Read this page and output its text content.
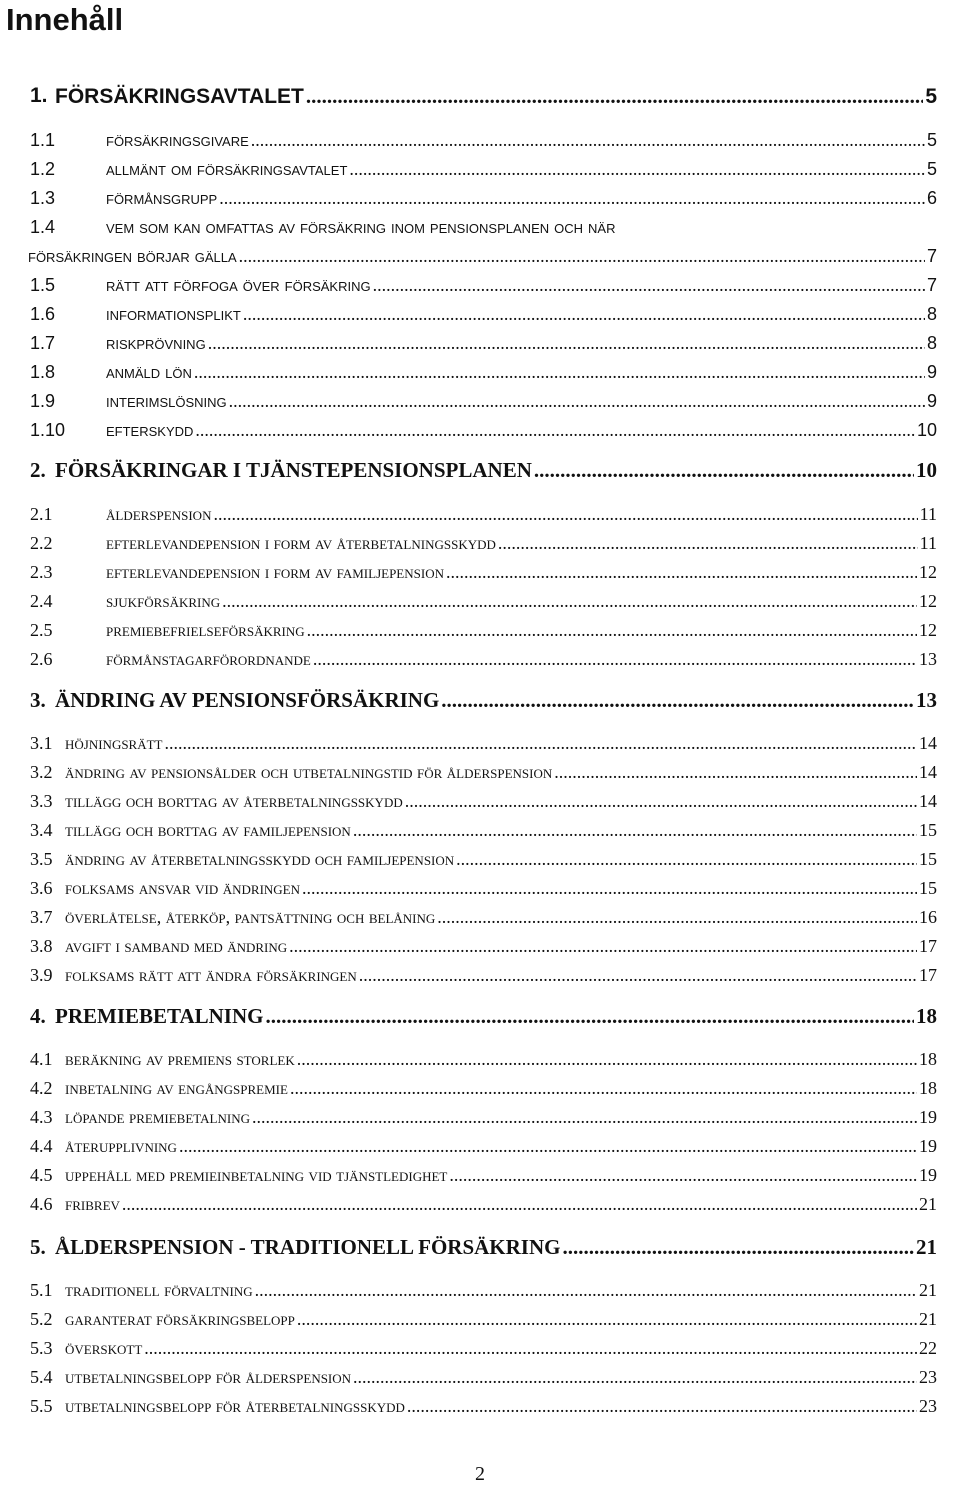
Innehåll
1. FÖRSÄKRINGSAVTALET .....	5
1.1	försäkringsgivare .....	5
1.2	allmänt om försäkringsavtalet .....	5
1.3	förmånsgrupp .....	6
1.4	vem som kan omfattas av försäkring inom pensionsplanen och när
försäkringen börjar gälla .....	7
1.5	rätt att förfoga över försäkring .....	7
1.6	informationsplikt .....	8
1.7	riskprövning .....	8
1.8	anmäld lön .....	9
1.9	interimslösning .....	9
1.10 efterskydd .....	10
2. FÖRSÄKRINGAR I TJÄNSTEPENSIONSPLANEN .....	10
2.1	ålderspension .....	11
2.2	efterlevandepension i form av återbetalningsskydd .....	11
2.3	efterlevandepension i form av familjepension .....	12
2.4	sjukförsäkring .....	12
2.5	premiebefrielseförsäkring .....	12
2.6	förmånstagarförordnande .....	13
3. ÄNDRING AV PENSIONSFÖRSÄKRING .....	13
3.1 höjningsrätt .....	14
3.2 ändring av pensionsålder och utbetalningstid för ålderspension .....	14
3.3 tillägg och borttag av återbetalningsskydd .....	14
3.4 tillägg och borttag av familjepension .....	15
3.5 ändring av återbetalningsskydd och familjepension .....	15
3.6 folksams ansvar vid ändringen .....	15
3.7 överlåtelse, återköp, pantsättning och belåning .....	16
3.8 avgift i samband med ändring .....	17
3.9 folksams rätt att ändra försäkringen .....	17
4. PREMIEBETALNING .....	18
4.1 beräkning av premiens storlek .....	18
4.2 inbetalning av engångspremie .....	18
4.3 löpande premiebetalning .....	19
4.4 återupplivning .....	19
4.5 uppehåll med premieinbetalning vid tjänstledighet .....	19
4.6 fribrev .....	21
5. ÅLDERSPENSION - TRADITIONELL FÖRSÄKRING .....	21
5.1 traditionell förvaltning .....	21
5.2 garanterat försäkringsbelopp .....	21
5.3 överskott .....	22
5.4 utbetalningsbelopp för ålderspension .....	23
5.5 utbetalningsbelopp för återbetalningsskydd .....	23
2
